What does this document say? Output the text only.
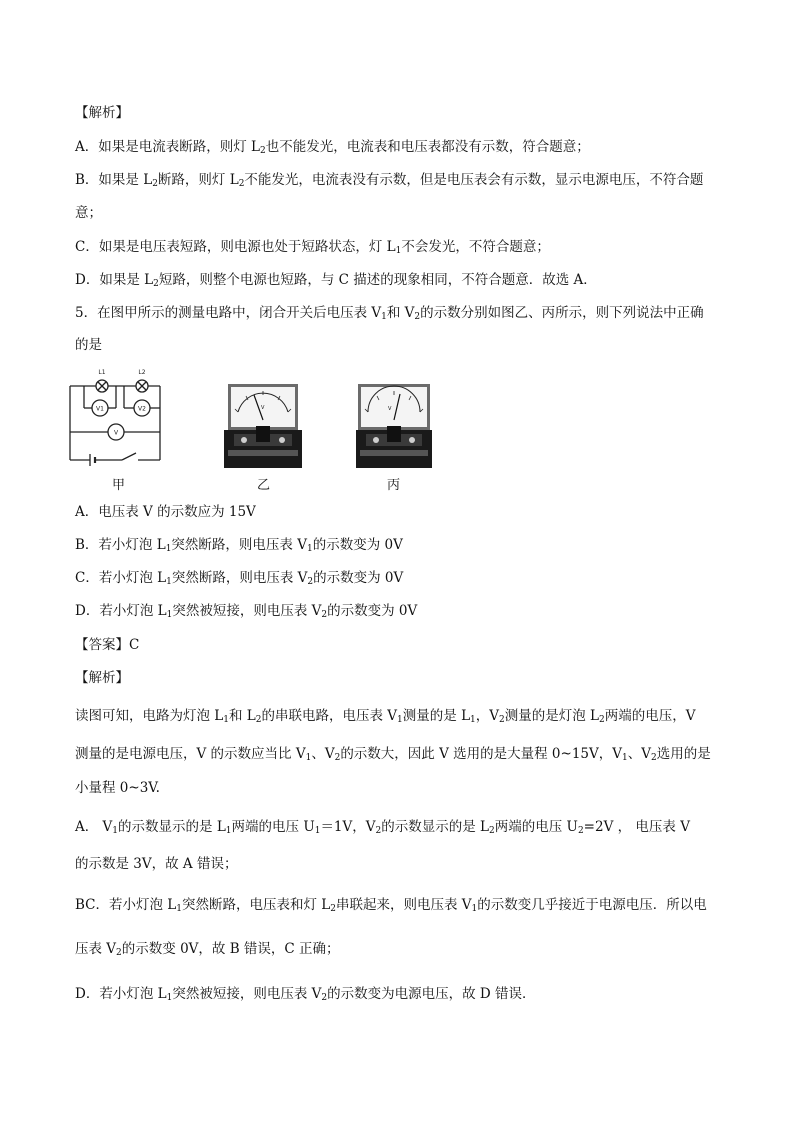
【解析】
A．如果是电流表断路，则灯 $L_2$也不能发光，电流表和电压表都没有示数，符合题意；
B．如果是 $L_2$断路，则灯 $L_2$不能发光，电流表没有示数，但是电压表会有示数，显示电源电压，不符合题
意；
C．如果是电压表短路，则电源也处于短路状态，灯 $L_1$不会发光，不符合题意；
D．如果是 $L_2$短路，则整个电源也短路，与 C 描述的现象相同，不符合题意．故选 A．
5．在图甲所示的测量电路中，闭合开关后电压表 $V_1$和 $V_2$的示数分别如图乙、丙所示，则下列说法中正确
的是
L1	L2
V1	V2
V
V	V
甲	乙	丙
A．电压表 V 的示数应为 15V
B．若小灯泡 $L_1$突然断路，则电压表 $V_1$的示数变为 0V
C．若小灯泡 $L_1$突然断路，则电压表 $V_2$的示数变为 0V
D．若小灯泡 $L_1$突然被短接，则电压表 $V_2$的示数变为 0V
【答案】C
【解析】
读图可知，电路为灯泡 $L_1$和 $L_2$的串联电路，电压表 $V_1$测量的是 $L_1$，$V_2$测量的是灯泡 $L_2$两端的电压，V
测量的是电源电压，V 的示数应当比 $V_1$、$V_2$的示数大，因此 V 选用的是大量程 0~15V，$V_1$、$V_2$选用的是
小量程 0~3V.
A． $V_1$的示数显示的是 $L_1$两端的电压 $U_1=1V$，$V_2$的示数显示的是 $L_2$两端的电压 $U_2=2V$ ， 电压表 V
的示数是 3V，故 A 错误；
BC．若小灯泡 $L_1$突然断路，电压表和灯 $L_2$串联起来，则电压表 $V_1$的示数变几乎接近于电源电压．所以电
压表 $V_2$的示数变 0V，故 B 错误，C 正确；
D．若小灯泡 $L_1$突然被短接，则电压表 $V_2$的示数变为电源电压，故 D 错误．
